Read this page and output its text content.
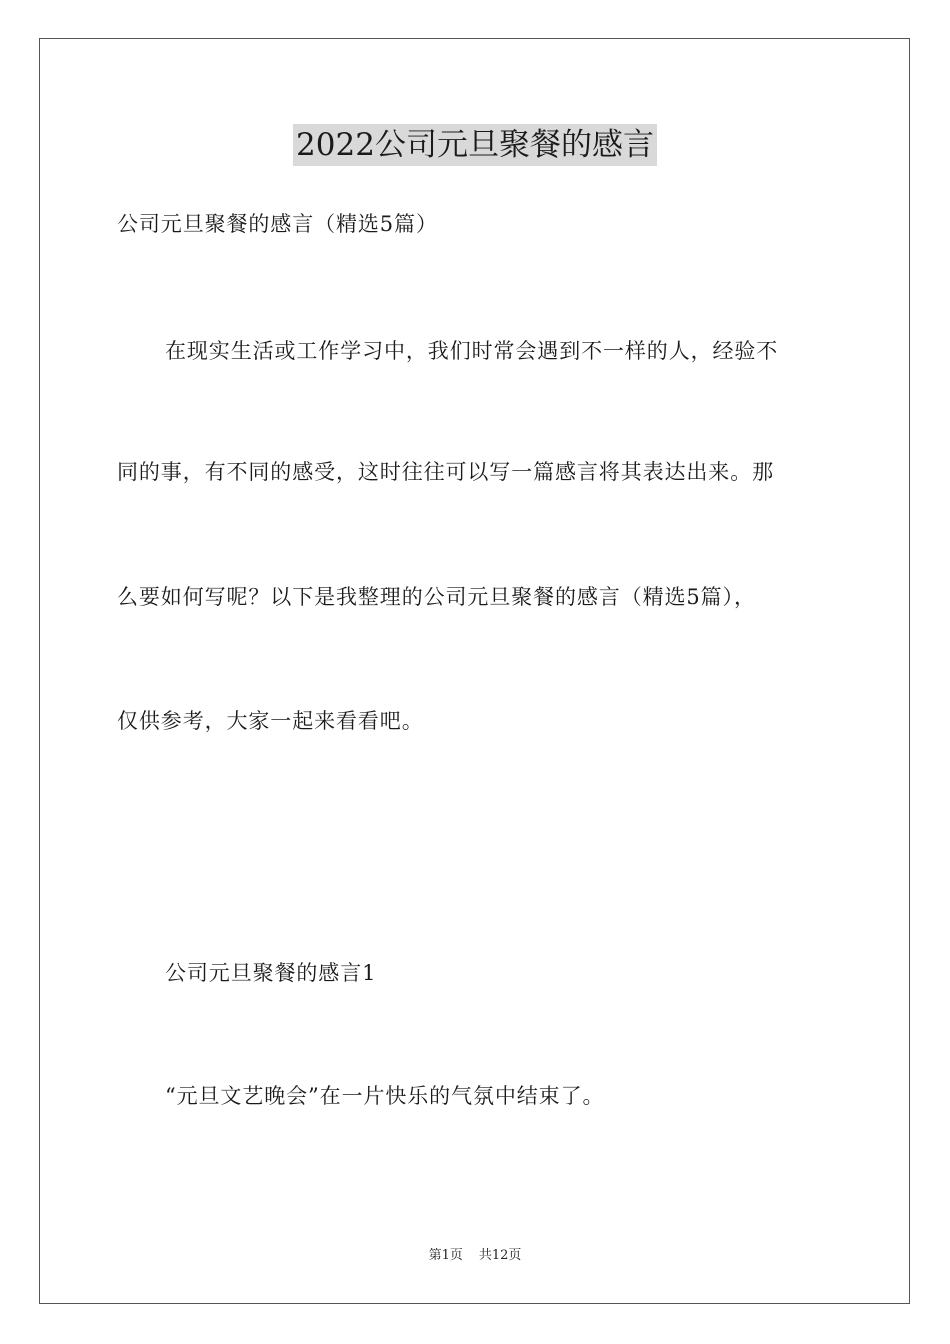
2022公司元旦聚餐的感言
公司元旦聚餐的感言（精选5篇）
在现实生活或工作学习中，我们时常会遇到不一样的人，经验不
同的事，有不同的感受，这时往往可以写一篇感言将其表达出来。那
么要如何写呢？以下是我整理的公司元旦聚餐的感言（精选5篇），
仅供参考，大家一起来看看吧。
公司元旦聚餐的感言1
“元旦文艺晚会”在一片快乐的气氛中结束了。
第1页 共12页
